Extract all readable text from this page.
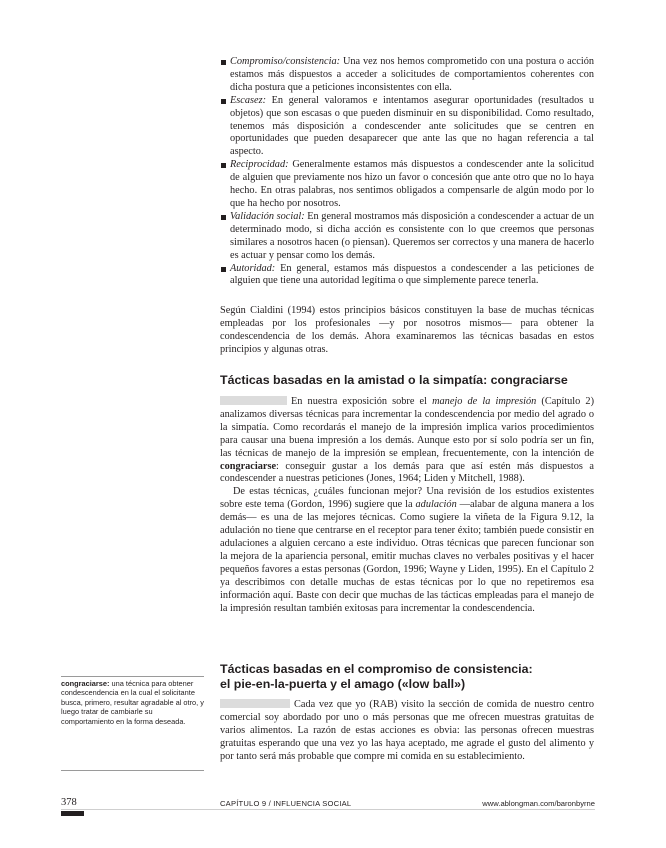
Compromiso/consistencia: Una vez nos hemos comprometido con una postura o acción estamos más dispuestos a acceder a solicitudes de comportamientos coherentes con dicha postura que a peticiones inconsistentes con ella.
Escasez: En general valoramos e intentamos asegurar oportunidades (resultados u objetos) que son escasas o que pueden disminuir en su disponibilidad. Como resultado, tenemos más disposición a condescender ante solicitudes que se centren en oportunidades que pueden desaparecer que ante las que no hagan referencia a tal aspecto.
Reciprocidad: Generalmente estamos más dispuestos a condescender ante la solicitud de alguien que previamente nos hizo un favor o concesión que ante otro que no lo haya hecho. En otras palabras, nos sentimos obligados a compensarle de algún modo por lo que ha hecho por nosotros.
Validación social: En general mostramos más disposición a condescender a actuar de un determinado modo, si dicha acción es consistente con lo que creemos que personas similares a nosotros hacen (o piensan). Queremos ser correctos y una manera de hacerlo es actuar y pensar como los demás.
Autoridad: En general, estamos más dispuestos a condescender a las peticiones de alguien que tiene una autoridad legítima o que simplemente parece tenerla.

Según Cialdini (1994) estos principios básicos constituyen la base de muchas técnicas empleadas por los profesionales —y por nosotros mismos— para obtener la condescendencia de los demás. Ahora examinaremos las técnicas basadas en estos principios y algunas otras.

Tácticas basadas en la amistad o la simpatía: congraciarse

En nuestra exposición sobre el manejo de la impresión (Capítulo 2) analizamos diversas técnicas para incrementar la condescendencia por medio del agrado o la simpatía. Como recordarás el manejo de la impresión implica varios procedimientos para causar una buena impresión a los demás. Aunque esto por sí solo podría ser un fin, las técnicas de manejo de la impresión se emplean, frecuentemente, con la intención de congraciarse: conseguir gustar a los demás para que así estén más dispuestos a condescender a nuestras peticiones (Jones, 1964; Liden y Mitchell, 1988).

De estas técnicas, ¿cuáles funcionan mejor? Una revisión de los estudios existentes sobre este tema (Gordon, 1996) sugiere que la adulación —alabar de alguna manera a los demás— es una de las mejores técnicas. Como sugiere la viñeta de la Figura 9.12, la adulación no tiene que centrarse en el receptor para tener éxito; también puede consistir en adulaciones a alguien cercano a este individuo. Otras técnicas que parecen funcionar son la mejora de la apariencia personal, emitir muchas claves no verbales positivas y el hacer pequeños favores a estas personas (Gordon, 1996; Wayne y Liden, 1995). En el Capítulo 2 ya describimos con detalle muchas de estas técnicas por lo que no repetiremos esa información aquí. Baste con decir que muchas de las tácticas empleadas para el manejo de la impresión resultan también exitosas para incrementar la condescendencia.

Tácticas basadas en el compromiso de consistencia:
el pie-en-la-puerta y el amago («low ball»)

Cada vez que yo (RAB) visito la sección de comida de nuestro centro comercial soy abordado por uno o más personas que me ofrecen muestras gratuitas de varios alimentos. La razón de estas acciones es obvia: las personas ofrecen muestras gratuitas esperando que una vez yo las haya aceptado, me agrade el gusto del alimento y por tanto será más probable que compre mi comida en su establecimiento.

congraciarse: una técnica para obtener condescendencia en la cual el solicitante busca, primero, resultar agradable al otro, y luego tratar de cambiarle su comportamiento en la forma deseada.
378	CAPÍTULO 9 / INFLUENCIA SOCIAL	www.ablongman.com/baronbyrne
